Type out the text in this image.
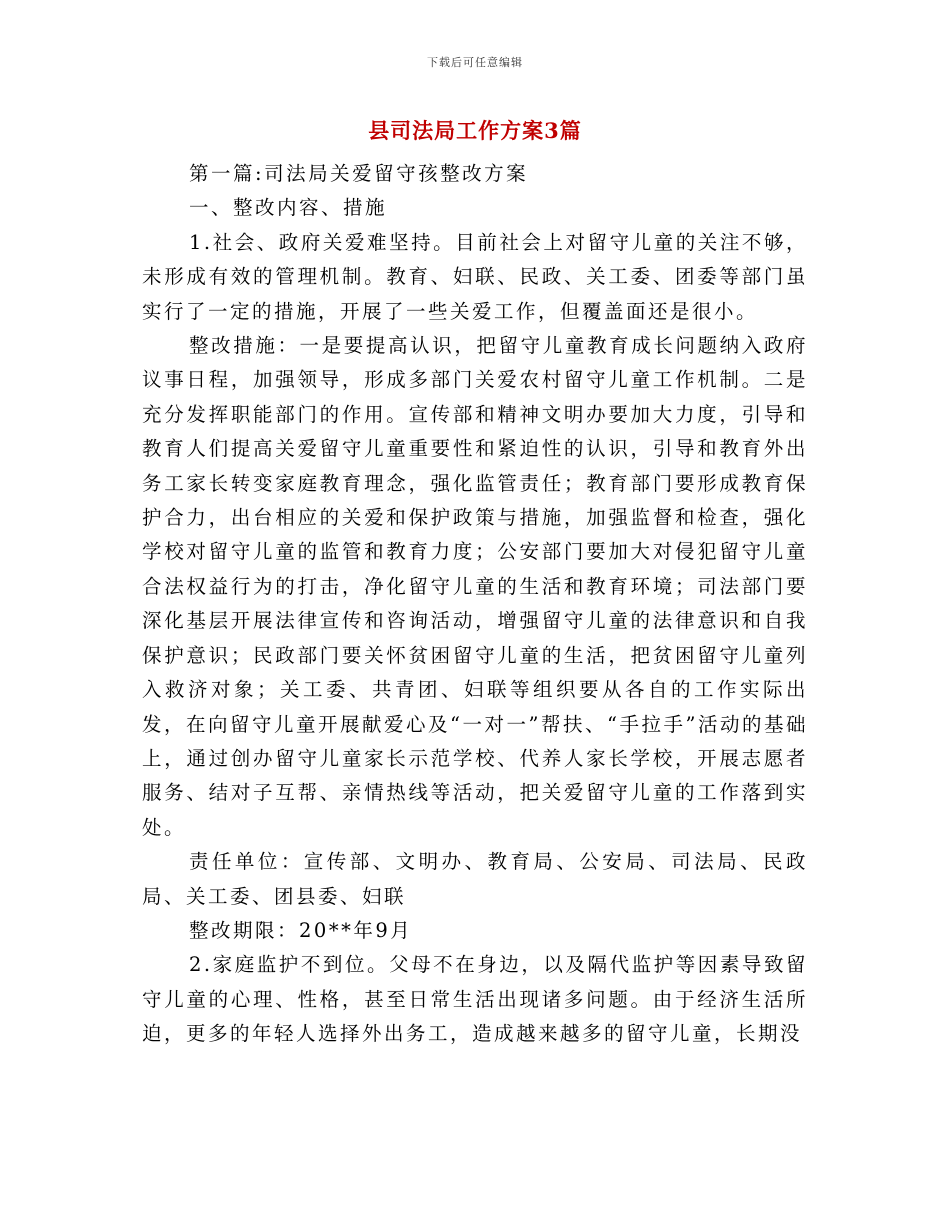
下载后可任意编辑
县司法局工作方案3篇

第一篇:司法局关爱留守孩整改方案

一、整改内容、措施

1.社会、政府关爱难坚持。目前社会上对留守儿童的关注不够，未形成有效的管理机制。教育、妇联、民政、关工委、团委等部门虽实行了一定的措施，开展了一些关爱工作，但覆盖面还是很小。

整改措施：一是要提高认识，把留守儿童教育成长问题纳入政府议事日程，加强领导，形成多部门关爱农村留守儿童工作机制。二是充分发挥职能部门的作用。宣传部和精神文明办要加大力度，引导和教育人们提高关爱留守儿童重要性和紧迫性的认识，引导和教育外出务工家长转变家庭教育理念，强化监管责任；教育部门要形成教育保护合力，出台相应的关爱和保护政策与措施，加强监督和检查，强化学校对留守儿童的监管和教育力度；公安部门要加大对侵犯留守儿童合法权益行为的打击，净化留守儿童的生活和教育环境；司法部门要深化基层开展法律宣传和咨询活动，增强留守儿童的法律意识和自我保护意识；民政部门要关怀贫困留守儿童的生活，把贫困留守儿童列入救济对象；关工委、共青团、妇联等组织要从各自的工作实际出发，在向留守儿童开展献爱心及“一对一”帮扶、“手拉手”活动的基础上，通过创办留守儿童家长示范学校、代养人家长学校，开展志愿者服务、结对子互帮、亲情热线等活动，把关爱留守儿童的工作落到实处。

责任单位：宣传部、文明办、教育局、公安局、司法局、民政局、关工委、团县委、妇联

整改期限：20**年9月

2.家庭监护不到位。父母不在身边，以及隔代监护等因素导致留守儿童的心理、性格，甚至日常生活出现诸多问题。由于经济生活所迫，更多的年轻人选择外出务工，造成越来越多的留守儿童，长期没
